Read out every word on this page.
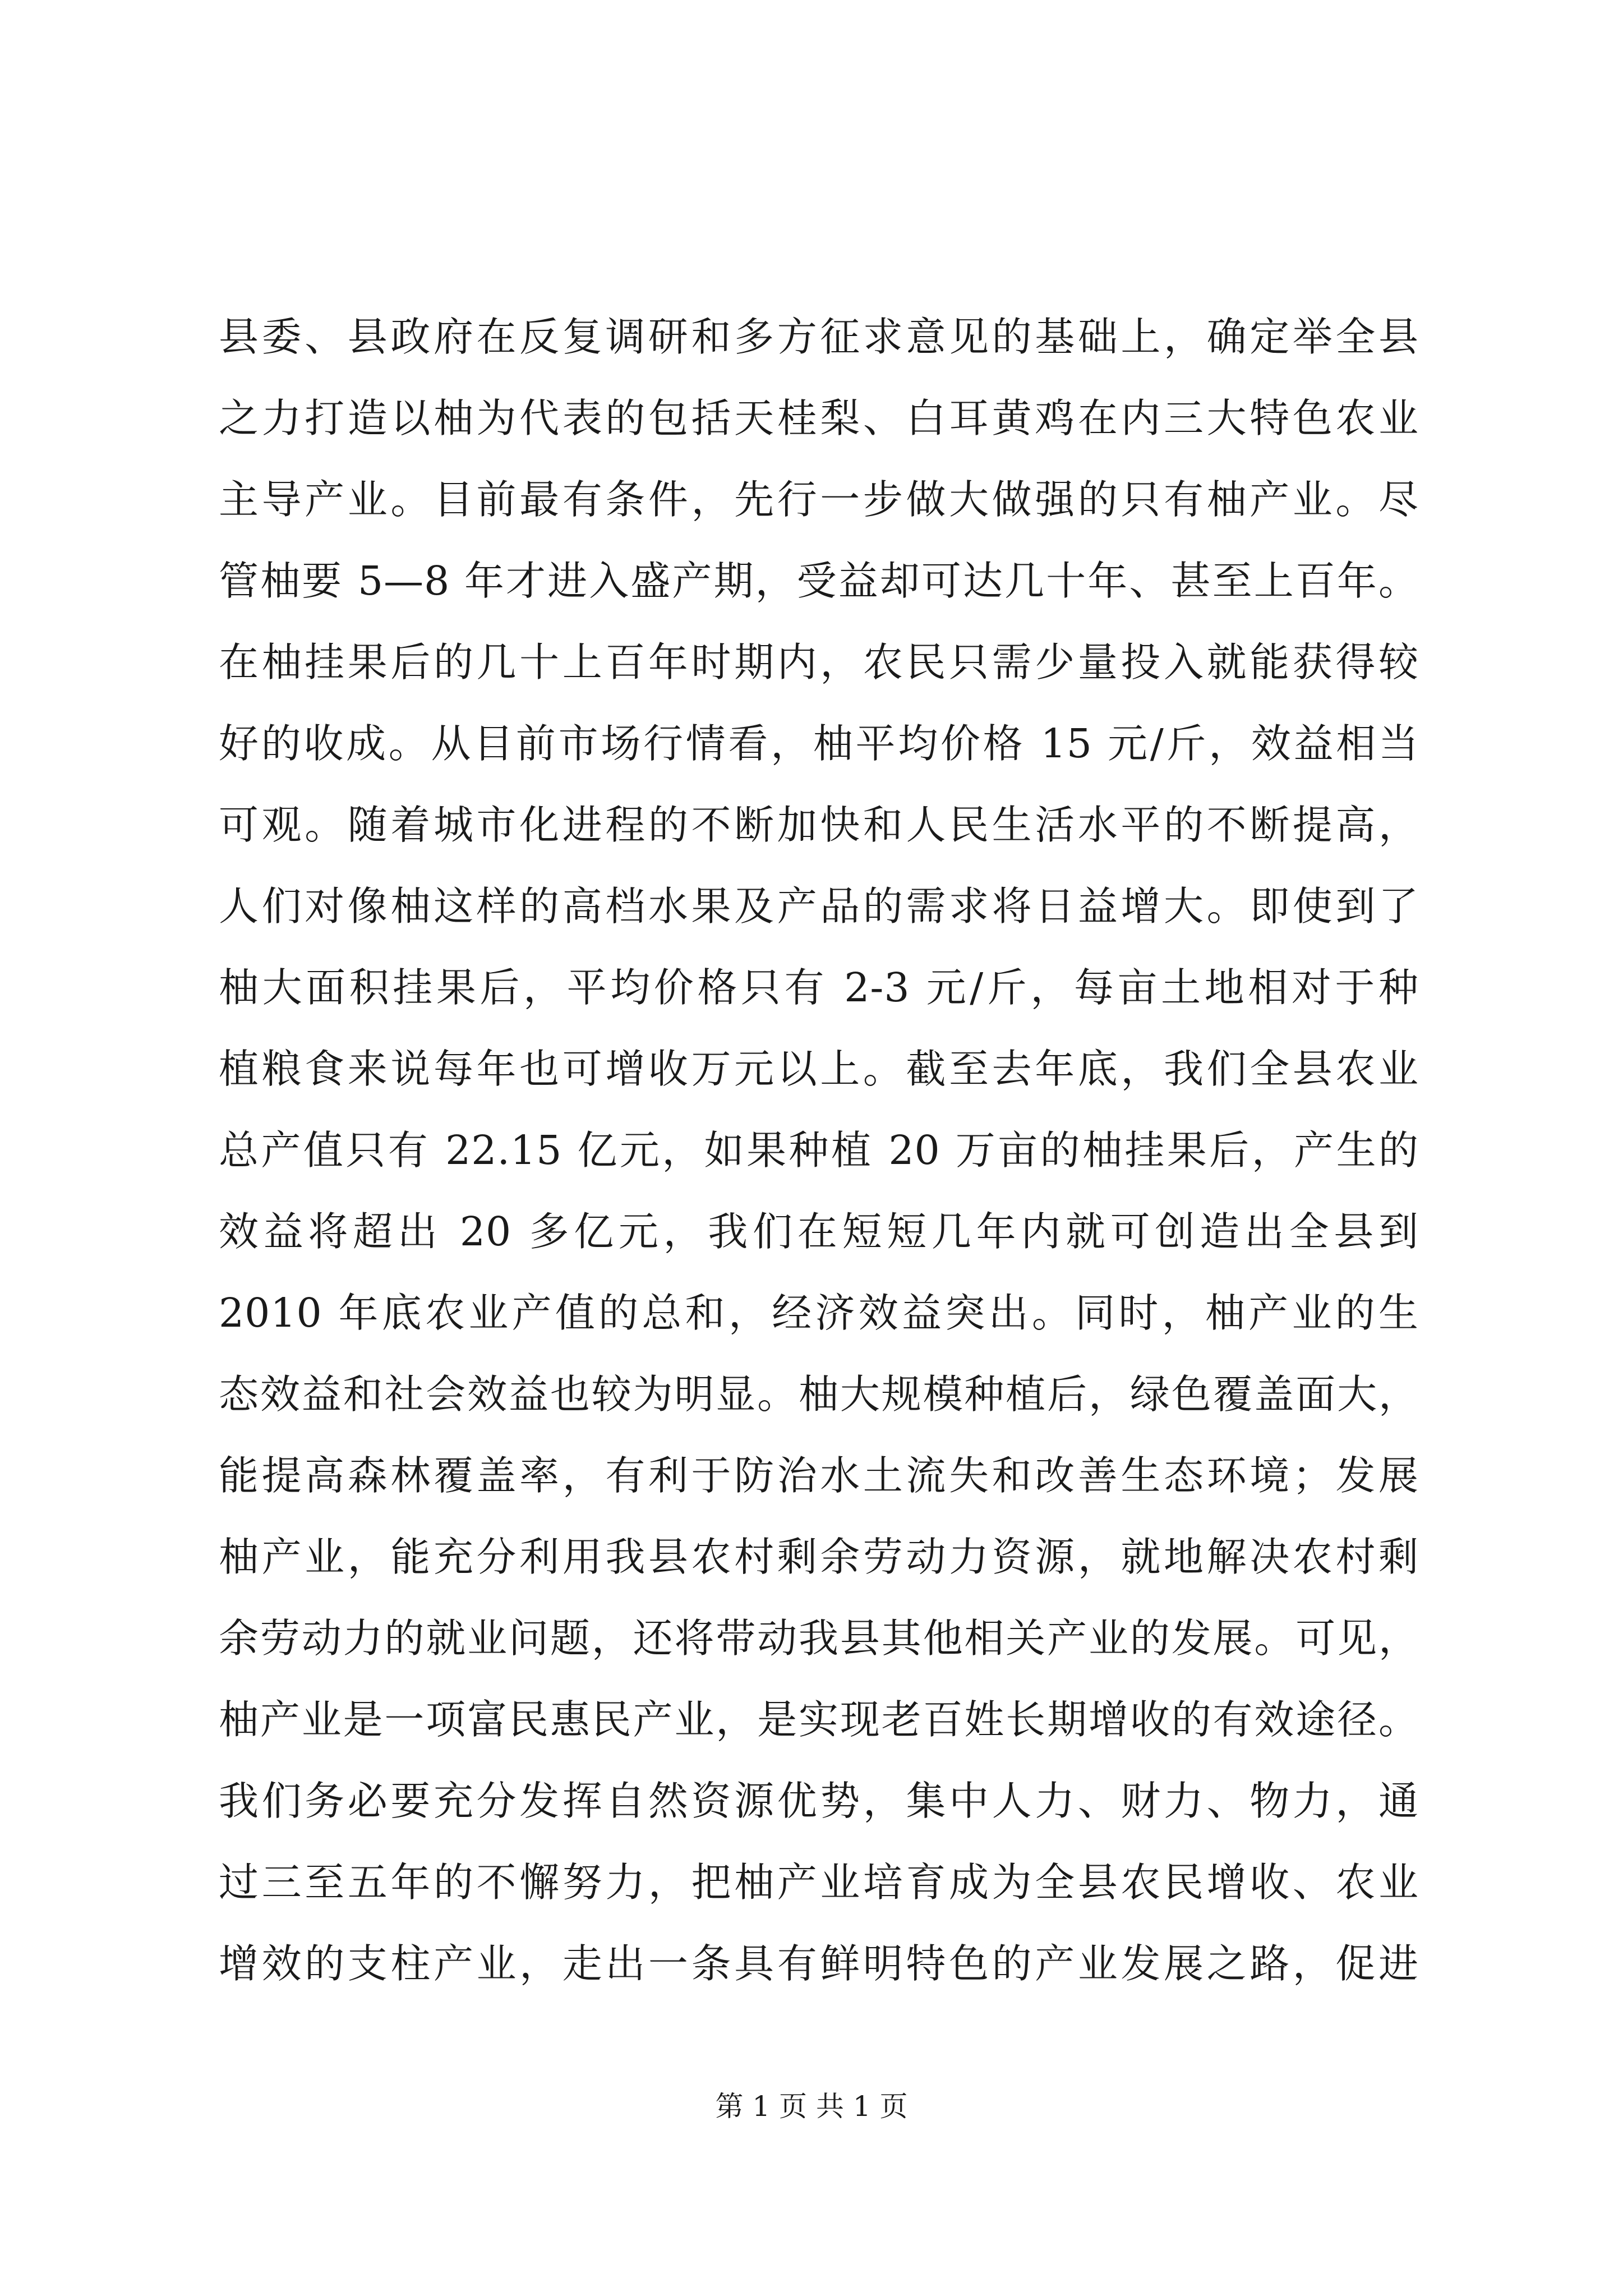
县委、县政府在反复调研和多方征求意见的基础上，确定举全县
之力打造以柚为代表的包括天桂梨、白耳黄鸡在内三大特色农业
主导产业。目前最有条件，先行一步做大做强的只有柚产业。尽
管柚要 5—8 年才进入盛产期，受益却可达几十年、甚至上百年。
在柚挂果后的几十上百年时期内，农民只需少量投入就能获得较
好的收成。从目前市场行情看，柚平均价格 15 元/斤，效益相当
可观。随着城市化进程的不断加快和人民生活水平的不断提高，
人们对像柚这样的高档水果及产品的需求将日益增大。即使到了
柚大面积挂果后，平均价格只有 2-3 元/斤，每亩土地相对于种
植粮食来说每年也可增收万元以上。截至去年底，我们全县农业
总产值只有 22.15 亿元，如果种植 20 万亩的柚挂果后，产生的
效益将超出 20 多亿元，我们在短短几年内就可创造出全县到
2010 年底农业产值的总和，经济效益突出。同时，柚产业的生
态效益和社会效益也较为明显。柚大规模种植后，绿色覆盖面大，
能提高森林覆盖率，有利于防治水土流失和改善生态环境；发展
柚产业，能充分利用我县农村剩余劳动力资源，就地解决农村剩
余劳动力的就业问题，还将带动我县其他相关产业的发展。可见，
柚产业是一项富民惠民产业，是实现老百姓长期增收的有效途径。
我们务必要充分发挥自然资源优势，集中人力、财力、物力，通
过三至五年的不懈努力，把柚产业培育成为全县农民增收、农业
增效的支柱产业，走出一条具有鲜明特色的产业发展之路，促进
第 1 页 共 1 页
